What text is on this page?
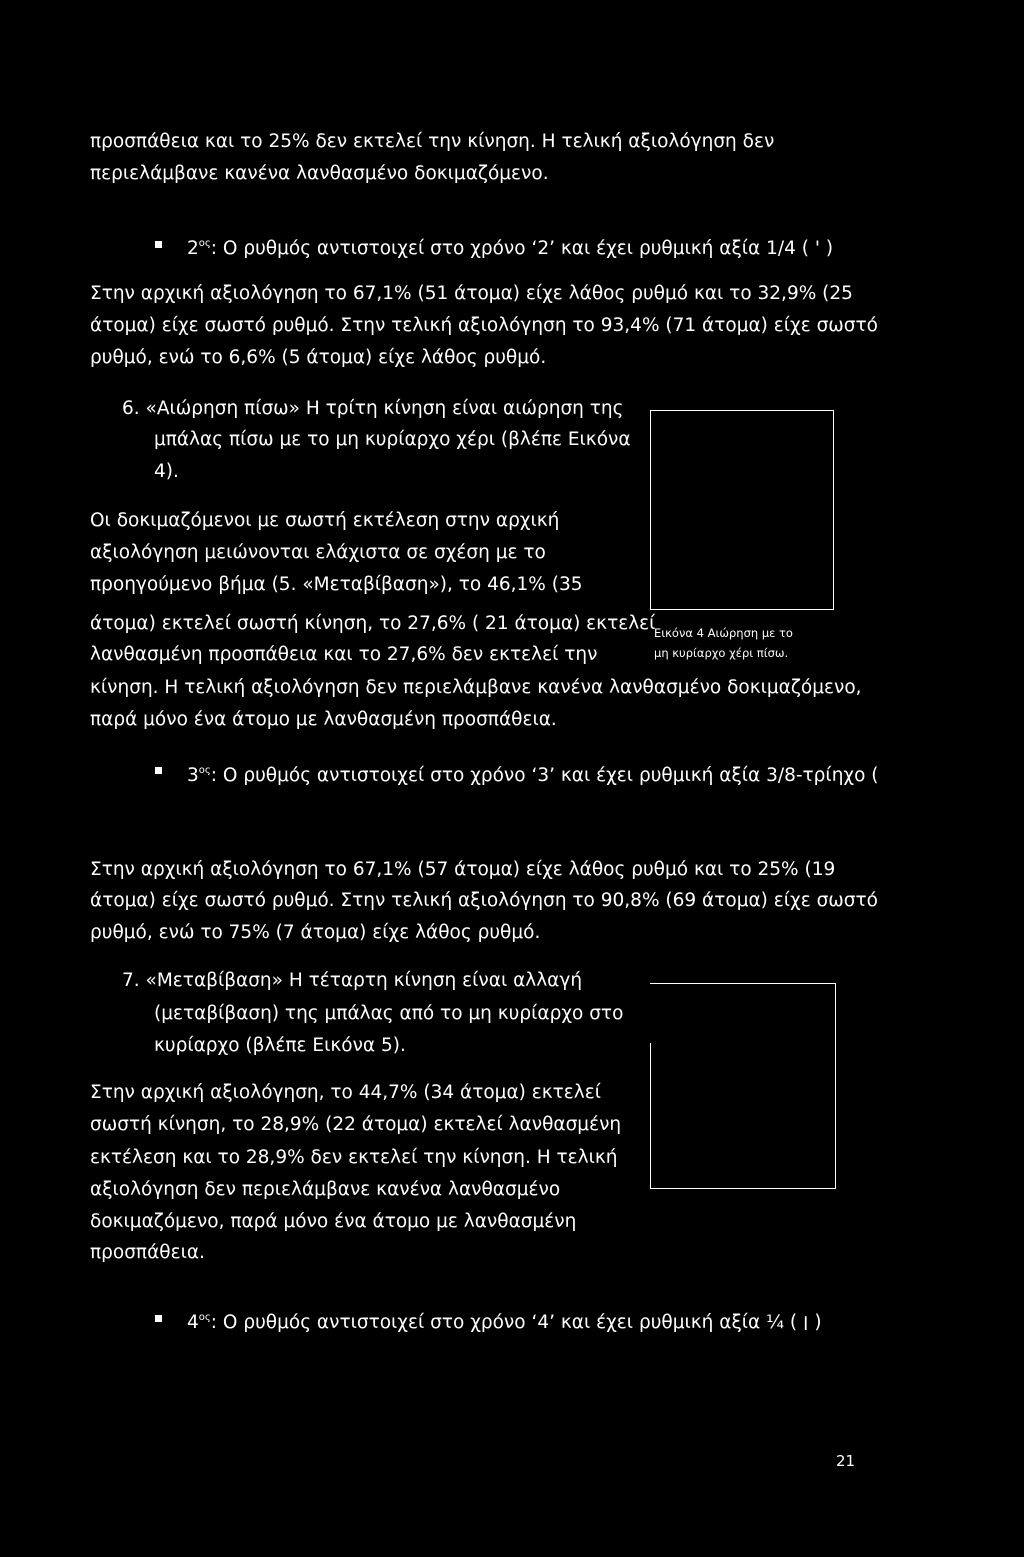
προσπάθεια και το 25% δεν εκτελεί την κίνηση. Η τελική αξιολόγηση δεν
περιελάμβανε κανένα λανθασμένο δοκιμαζόμενο.
$2^{o\varsigma}$: Ο ρυθμός αντιστοιχεί στο χρόνο ‘2’ και έχει ρυθμική αξία 1/4 ( ' )
Στην αρχική αξιολόγηση το 67,1% (51 άτομα) είχε λάθος ρυθμό και το 32,9% (25
άτομα) είχε σωστό ρυθμό. Στην τελική αξιολόγηση το 93,4% (71 άτομα) είχε σωστό
ρυθμό, ενώ το 6,6% (5 άτομα) είχε λάθος ρυθμό.
6. «Αιώρηση πίσω» Η τρίτη κίνηση είναι αιώρηση της
μπάλας πίσω με το μη κυρίαρχο χέρι (βλέπε Εικόνα
4).
Εικόνα 4 Αιώρηση με το
μη κυρίαρχο χέρι πίσω.
Οι δοκιμαζόμενοι με σωστή εκτέλεση στην αρχική
αξιολόγηση μειώνονται ελάχιστα σε σχέση με το
προηγούμενο βήμα (5. «Μεταβίβαση»), το 46,1% (35
άτομα) εκτελεί σωστή κίνηση, το 27,6% ( 21 άτομα) εκτελεί
λανθασμένη προσπάθεια και το 27,6% δεν εκτελεί την
κίνηση. Η τελική αξιολόγηση δεν περιελάμβανε κανένα λανθασμένο δοκιμαζόμενο,
παρά μόνο ένα άτομο με λανθασμένη προσπάθεια.
$3^{o\varsigma}$: Ο ρυθμός αντιστοιχεί στο χρόνο ‘3’ και έχει ρυθμική αξία 3/8-τρίηχο (
Στην αρχική αξιολόγηση το 67,1% (57 άτομα) είχε λάθος ρυθμό και το 25% (19
άτομα) είχε σωστό ρυθμό. Στην τελική αξιολόγηση το 90,8% (69 άτομα) είχε σωστό
ρυθμό, ενώ το 75% (7 άτομα) είχε λάθος ρυθμό.
7. «Μεταβίβαση» Η τέταρτη κίνηση είναι αλλαγή
(μεταβίβαση) της μπάλας από το μη κυρίαρχο στο
κυρίαρχο (βλέπε Εικόνα 5).
Στην αρχική αξιολόγηση, το 44,7% (34 άτομα) εκτελεί
σωστή κίνηση, το 28,9% (22 άτομα) εκτελεί λανθασμένη
εκτέλεση και το 28,9% δεν εκτελεί την κίνηση. Η τελική
αξιολόγηση δεν περιελάμβανε κανένα λανθασμένο
δοκιμαζόμενο, παρά μόνο ένα άτομο με λανθασμένη
προσπάθεια.
$4^{o\varsigma}$: Ο ρυθμός αντιστοιχεί στο χρόνο ‘4’ και έχει ρυθμική αξία ¼ ( ׀ )
21
